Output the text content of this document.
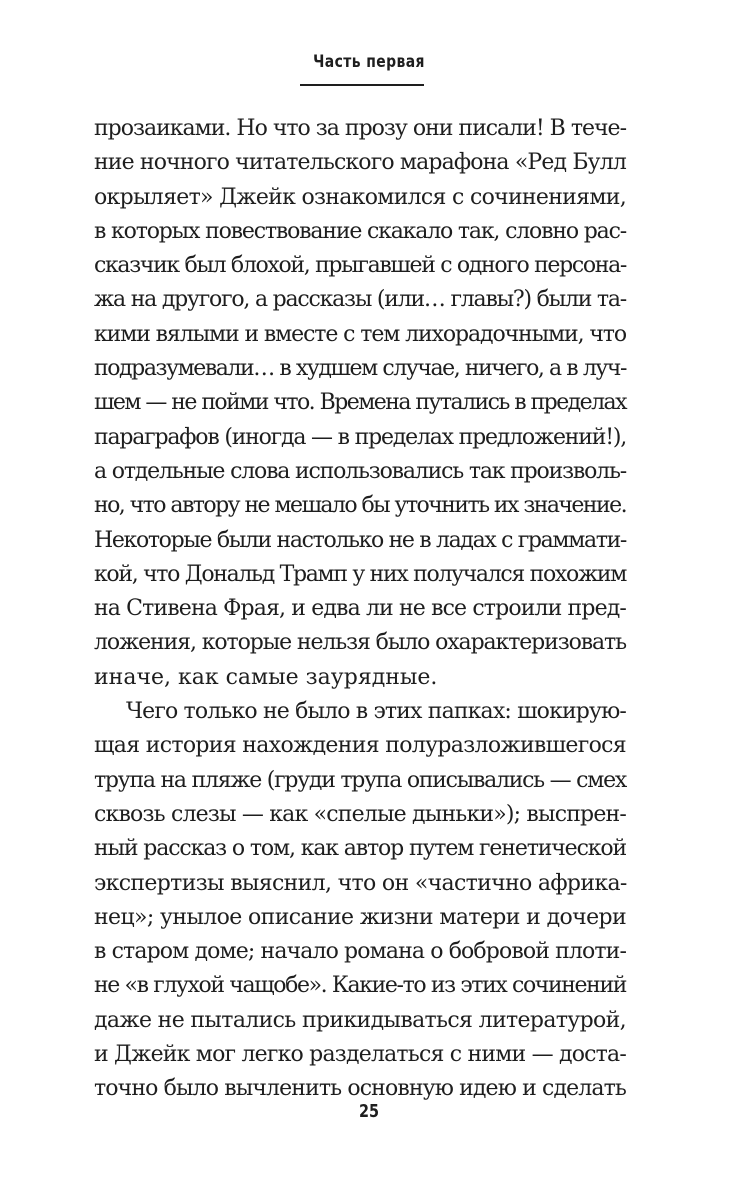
Часть первая
прозаиками. Но что за прозу они писали! В тече-
ние ночного читательского марафона «Ред Булл
окрыляет» Джейк ознакомился с сочинениями,
в которых повествование скакало так, словно рас-
сказчик был блохой, прыгавшей с одного персона-
жа на другого, а рассказы (или… главы?) были та-
кими вялыми и вместе с тем лихорадочными, что
подразумевали… в худшем случае, ничего, а в луч-
шем — не пойми что. Времена путались в пределах
параграфов (иногда — в пределах предложений!),
а отдельные слова использовались так произволь-
но, что автору не мешало бы уточнить их значение.
Некоторые были настолько не в ладах с граммати-
кой, что Дональд Трамп у них получался похожим
на Стивена Фрая, и едва ли не все строили пред-
ложения, которые нельзя было охарактеризовать
иначе, как самые заурядные.
Чего только не было в этих папках: шокирую-
щая история нахождения полуразложившегося
трупа на пляже (груди трупа описывались — смех
сквозь слезы — как «спелые дыньки»); выспрен-
ный рассказ о том, как автор путем генетической
экспертизы выяснил, что он «частично африка-
нец»; унылое описание жизни матери и дочери
в старом доме; начало романа о бобровой плоти-
не «в глухой чащобе». Какие-то из этих сочинений
даже не пытались прикидываться литературой,
и Джейк мог легко разделаться с ними — доста-
точно было вычленить основную идею и сделать
25
